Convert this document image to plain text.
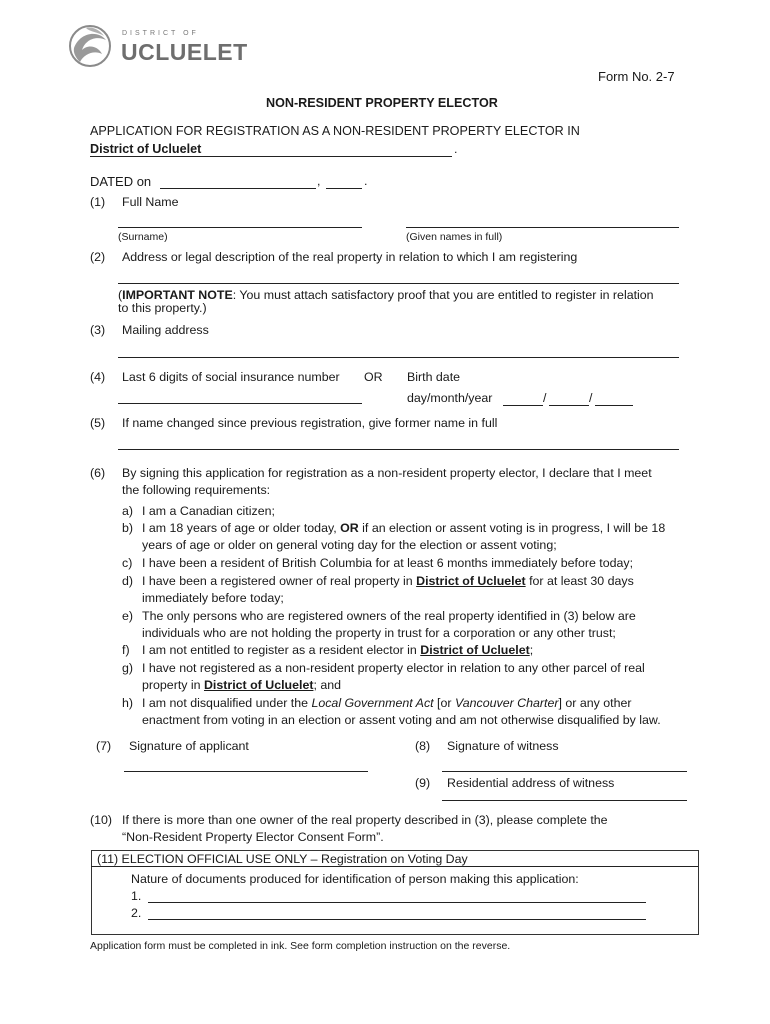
DISTRICT OF
UCLUELET
Form No. 2-7
NON-RESIDENT PROPERTY ELECTOR
APPLICATION FOR REGISTRATION AS A NON-RESIDENT PROPERTY ELECTOR IN
District of Ucluelet	.
DATED on	,	.
(1) Full Name
(Surname)	(Given names in full)
(2) Address or legal description of the real property in relation to which I am registering
(IMPORTANT NOTE: You must attach satisfactory proof that you are entitled to register in relation
to this property.)
(3) Mailing address
(4) Last 6 digits of social insurance number OR Birth date
day/month/year	/	/
(5) If name changed since previous registration, give former name in full
(6) By signing this application for registration as a non-resident property elector, I declare that I meet
the following requirements:
a) I am a Canadian citizen;
b) I am 18 years of age or older today, OR if an election or assent voting is in progress, I will be 18
years of age or older on general voting day for the election or assent voting;
c) I have been a resident of British Columbia for at least 6 months immediately before today;
d) I have been a registered owner of real property in District of Ucluelet for at least 30 days
immediately before today;
e) The only persons who are registered owners of the real property identified in (3) below are
individuals who are not holding the property in trust for a corporation or any other trust;
f) I am not entitled to register as a resident elector in District of Ucluelet;
g) I have not registered as a non-resident property elector in relation to any other parcel of real
property in District of Ucluelet; and
h) I am not disqualified under the Local Government Act [or Vancouver Charter] or any other
enactment from voting in an election or assent voting and am not otherwise disqualified by law.
(7) Signature of applicant	(8) Signature of witness
(9) Residential address of witness
(10) If there is more than one owner of the real property described in (3), please complete the
“Non-Resident Property Elector Consent Form”.
(11) ELECTION OFFICIAL USE ONLY – Registration on Voting Day
Nature of documents produced for identification of person making this application:
1.
2.
Application form must be completed in ink. See form completion instruction on the reverse.
